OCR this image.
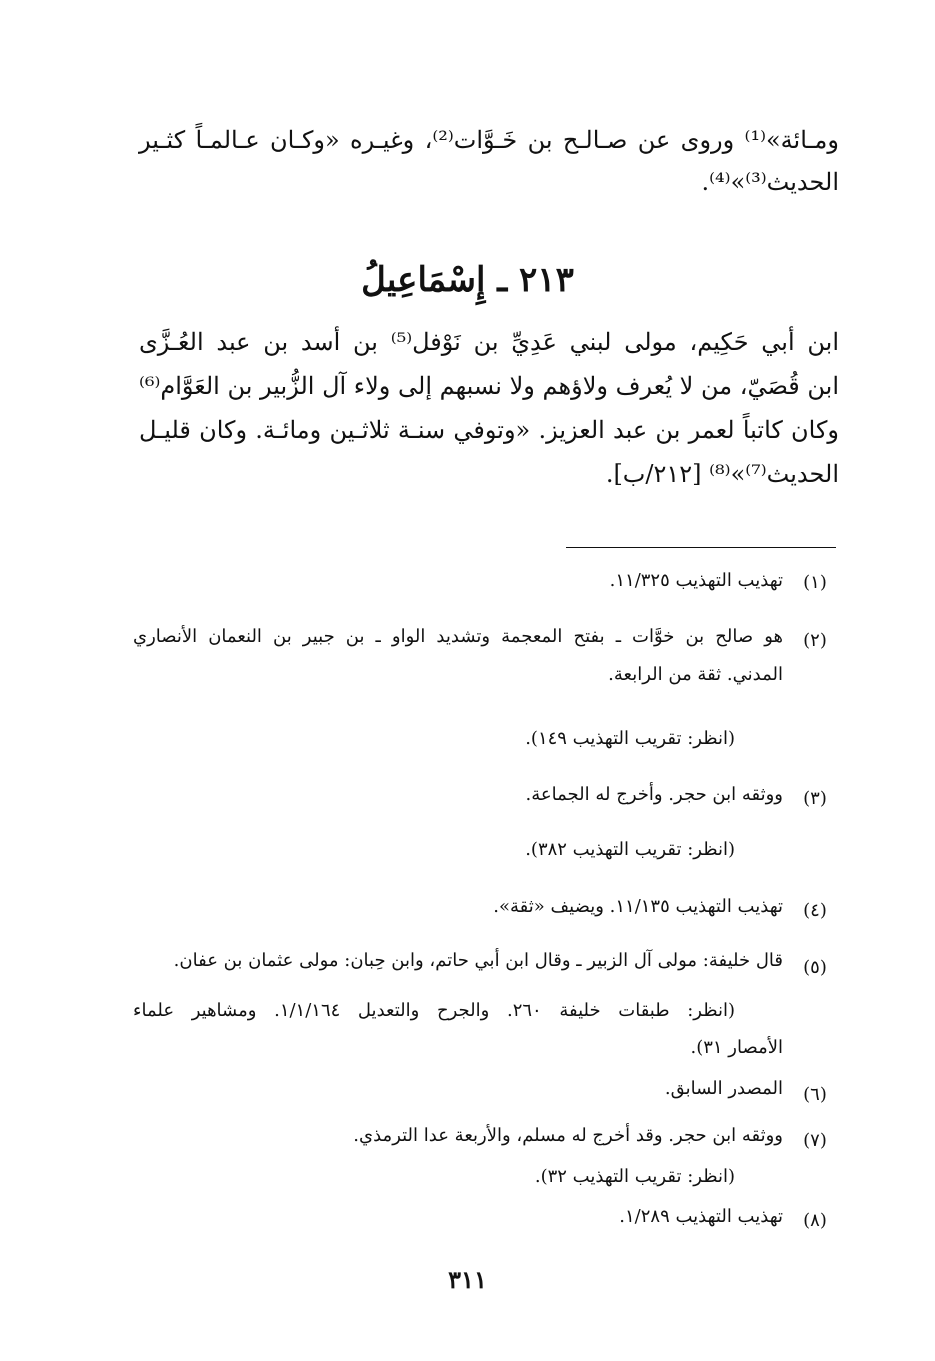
ومـائة»⁽¹⁾ وروى عن صـالـح بن خَـوَّات⁽²⁾، وغيـره «وكـان عـالمـاً كثـير
الحديث⁽³⁾»⁽⁴⁾.
٢١٣ ـ إِسْمَاعِيلُ
ابن أبي حَكِيم، مولى لبني عَدِيِّ بن نَوْفل⁽⁵⁾ بن أسد بن عبد العُـزَّى
ابن قُصَيّ، من لا يُعرف ولاؤهم ولا نسبهم إلى ولاء آل الزُّبير بن العَوَّام⁽⁶⁾
وكان كاتباً لعمر بن عبد العزيز. «وتوفي سنـة ثلاثـين ومائـة. وكان قليـل
الحديث⁽⁷⁾»⁽⁸⁾ [٢١٢/ب].
(١)
تهذيب التهذيب ١١/٣٢٥.
(٢)
هو صالح بن خوَّات ـ بفتح المعجمة وتشديد الواو ـ بن جبير بن النعمان الأنصاري
المدني. ثقة من الرابعة.
(انظر: تقريب التهذيب ١٤٩).
(٣)
ووثقه ابن حجر. وأخرج له الجماعة.
(انظر: تقريب التهذيب ٣٨٢).
(٤)
تهذيب التهذيب ١١/١٣٥. ويضيف «ثقة».
(٥)
قال خليفة: مولى آل الزبير ـ وقال ابن أبي حاتم، وابن حِبان: مولى عثمان بن عفان.
(انظر: طبقات خليفة ٢٦٠. والجرح والتعديل ١/١/١٦٤. ومشاهير علماء
الأمصار ٣١).
(٦)
المصدر السابق.
(٧)
ووثقه ابن حجر. وقد أخرج له مسلم، والأربعة عدا الترمذي.
(انظر: تقريب التهذيب ٣٢).
(٨)
تهذيب التهذيب ١/٢٨٩.
٣١١
